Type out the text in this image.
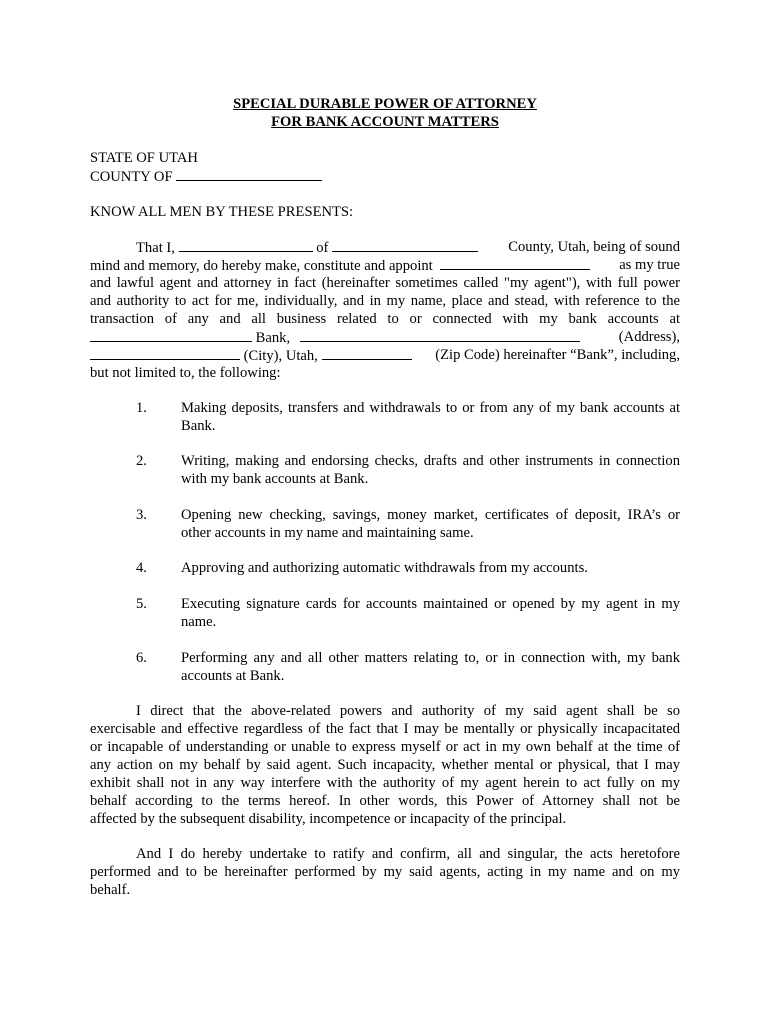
SPECIAL DURABLE POWER OF ATTORNEY
FOR BANK ACCOUNT MATTERS
STATE OF UTAH
COUNTY OF
KNOW ALL MEN BY THESE PRESENTS:
That I,	of	County, Utah, being of sound
mind and memory, do hereby make, constitute and appoint	as my true
and lawful agent and attorney in fact (hereinafter sometimes called "my agent"), with full power
and authority to act for me, individually, and in my name, place and stead, with reference to the
transaction of any and all business related to or connected with my bank accounts at
Bank,	(Address),
(City), Utah,	(Zip Code) hereinafter “Bank”, including,
but not limited to, the following:
1. Making deposits, transfers and withdrawals to or from any of my bank accounts at
Bank.
2. Writing, making and endorsing checks, drafts and other instruments in connection
with my bank accounts at Bank.
3. Opening new checking, savings, money market, certificates of deposit, IRA’s or
other accounts in my name and maintaining same.
4. Approving and authorizing automatic withdrawals from my accounts.
5. Executing signature cards for accounts maintained or opened by my agent in my
name.
6. Performing any and all other matters relating to, or in connection with, my bank
accounts at Bank.
I direct that the above-related powers and authority of my said agent shall be so
exercisable and effective regardless of the fact that I may be mentally or physically incapacitated
or incapable of understanding or unable to express myself or act in my own behalf at the time of
any action on my behalf by said agent. Such incapacity, whether mental or physical, that I may
exhibit shall not in any way interfere with the authority of my agent herein to act fully on my
behalf according to the terms hereof. In other words, this Power of Attorney shall not be
affected by the subsequent disability, incompetence or incapacity of the principal.
And I do hereby undertake to ratify and confirm, all and singular, the acts heretofore
performed and to be hereinafter performed by my said agents, acting in my name and on my
behalf.
